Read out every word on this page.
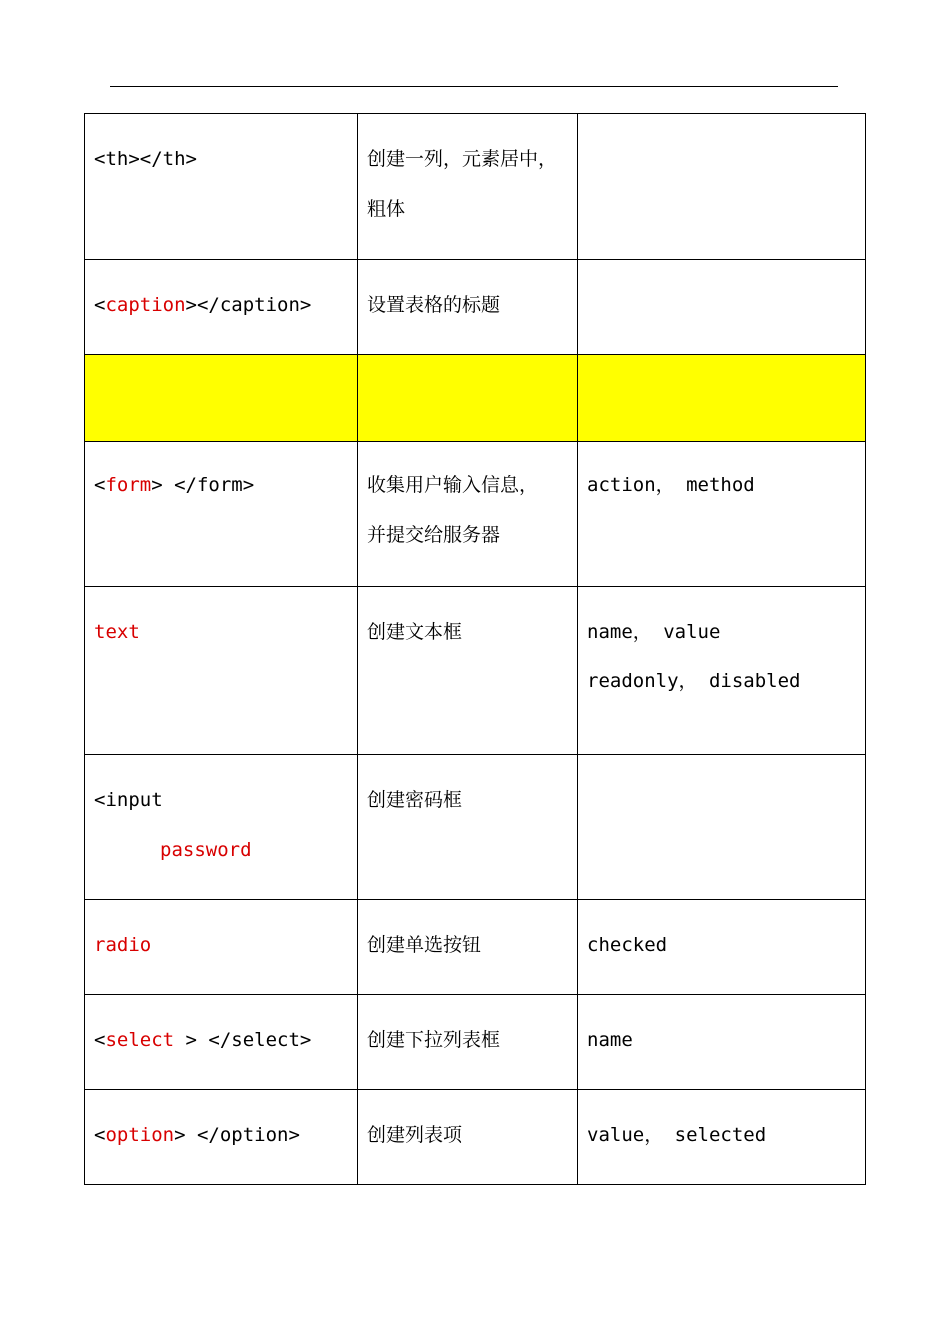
<th></th>	创建一列，元素居中，
粗体	

<caption></caption>	设置表格的标题	

<form> </form>	收集用户输入信息，
并提交给服务器	action， method

text	创建文本框	name， value
readonly， disabled

<input
password	创建密码框	

radio	创建单选按钮	checked

<select > </select>	创建下拉列表框	name

<option> </option>	创建列表项	value， selected
